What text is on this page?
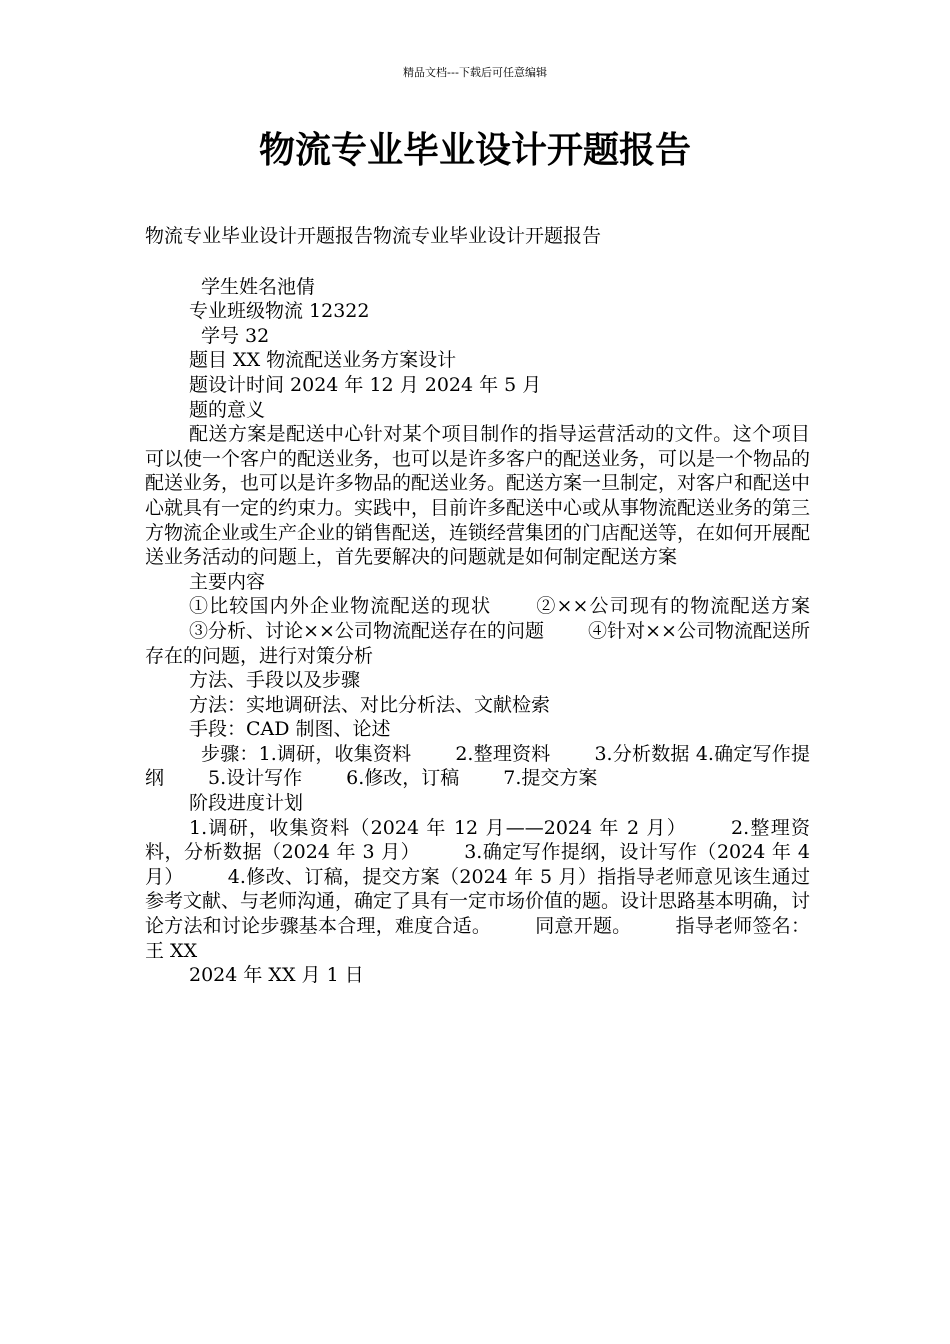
精品文档---下载后可任意编辑
物流专业毕业设计开题报告

物流专业毕业设计开题报告物流专业毕业设计开题报告

学生姓名池倩

专业班级物流 12322

学号 32

题目 XX 物流配送业务方案设计

题设计时间 2024 年 12 月 2024 年 5 月

题的意义

配送方案是配送中心针对某个项目制作的指导运营活动的文件。这个项目可以使一个客户的配送业务，也可以是许多客户的配送业务，可以是一个物品的配送业务，也可以是许多物品的配送业务。配送方案一旦制定，对客户和配送中心就具有一定的约束力。实践中，目前许多配送中心或从事物流配送业务的第三方物流企业或生产企业的销售配送，连锁经营集团的门店配送等，在如何开展配送业务活动的问题上，首先要解决的问题就是如何制定配送方案

主要内容

①比较国内外企业物流配送的现状 ②××公司现有的物流配送方案③分析、讨论××公司物流配送存在的问题 ④针对××公司物流配送所存在的问题，进行对策分析

方法、手段以及步骤

方法：实地调研法、对比分析法、文献检索

手段：CAD 制图、论述

步骤：1.调研，收集资料 2.整理资料 3.分析数据 4.确定写作提纲 5.设计写作 6.修改，订稿 7.提交方案

阶段进度计划

1.调研，收集资料（2024 年 12 月——2024 年 2 月） 2.整理资料，分析数据（2024 年 3 月） 3.确定写作提纲，设计写作（2024 年 4 月） 4.修改、订稿，提交方案（2024 年 5 月）指指导老师意见该生通过参考文献、与老师沟通，确定了具有一定市场价值的题。设计思路基本明确，讨论方法和讨论步骤基本合理，难度合适。 同意开题。 指导老师签名：王 XX

2024 年 XX 月 1 日
